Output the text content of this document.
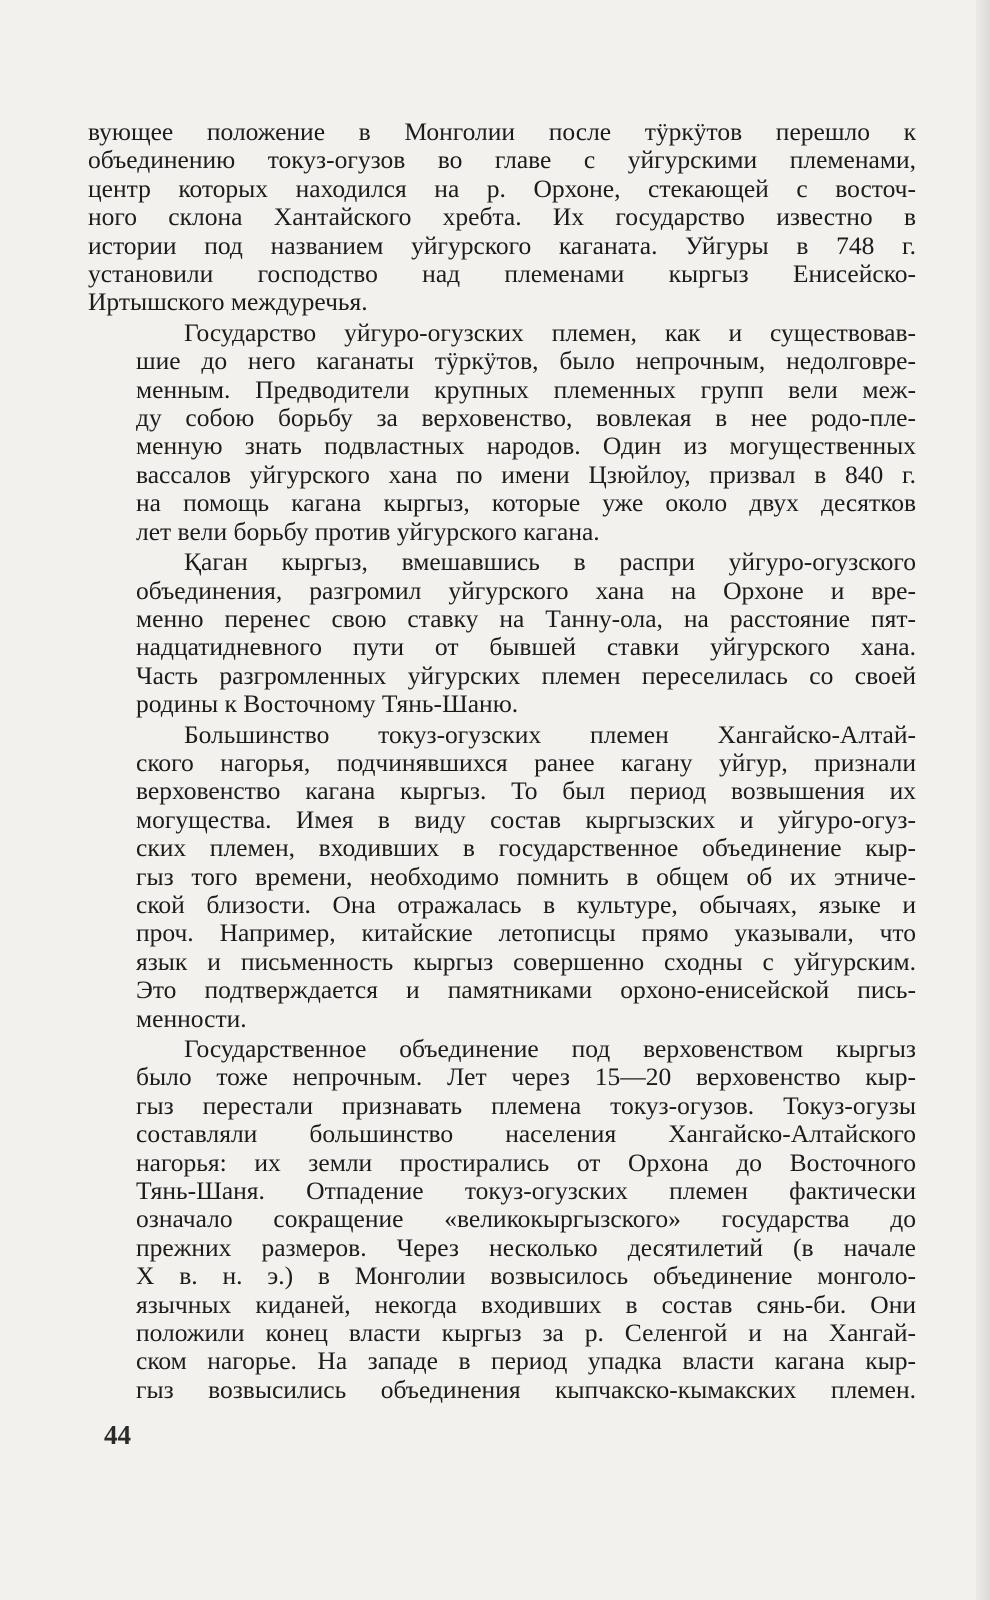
вующее положение в Монголии после тӱркӱтов перешло к
объединению токуз-огузов во главе с уйгурскими племенами,
центр которых находился на р. Орхоне, стекающей с восточ-
ного склона Хантайского хребта. Их государство известно в
истории под названием уйгурского каганата. Уйгуры в 748 г.
установили господство над племенами кыргыз Енисейско-
Иртышского междуречья.

Государство уйгуро-огузских племен, как и существовав-
шие до него каганаты тӱркӱтов, было непрочным, недолговре-
менным. Предводители крупных племенных групп вели меж-
ду собою борьбу за верховенство, вовлекая в нее родо-пле-
менную знать подвластных народов. Один из могущественных
вассалов уйгурского хана по имени Цзюйлоу, призвал в 840 г.
на помощь кагана кыргыз, которые уже около двух десятков
лет вели борьбу против уйгурского кагана.

Қаган кыргыз, вмешавшись в распри уйгуро-огузского
объединения, разгромил уйгурского хана на Орхоне и вре-
менно перенес свою ставку на Танну-ола, на расстояние пят-
надцатидневного пути от бывшей ставки уйгурского хана.
Часть разгромленных уйгурских племен переселилась со своей
родины к Восточному Тянь-Шаню.

Большинство токуз-огузских племен Хангайско-Алтай-
ского нагорья, подчинявшихся ранее кагану уйгур, признали
верховенство кагана кыргыз. То был период возвышения их
могущества. Имея в виду состав кыргызских и уйгуро-огуз-
ских племен, входивших в государственное объединение кыр-
гыз того времени, необходимо помнить в общем об их этниче-
ской близости. Она отражалась в культуре, обычаях, языке и
проч. Например, китайские летописцы прямо указывали, что
язык и письменность кыргыз совершенно сходны с уйгурским.
Это подтверждается и памятниками орхоно-енисейской пись-
менности.

Государственное объединение под верховенством кыргыз
было тоже непрочным. Лет через 15—20 верховенство кыр-
гыз перестали признавать племена токуз-огузов. Токуз-огузы
составляли большинство населения Хангайско-Алтайского
нагорья: их земли простирались от Орхона до Восточного
Тянь-Шаня. Отпадение токуз-огузских племен фактически
означало сокращение «великокыргызского» государства до
прежних размеров. Через несколько десятилетий (в начале
X в. н. э.) в Монголии возвысилось объединение монголо-
язычных киданей, некогда входивших в состав сянь-би. Они
положили конец власти кыргыз за р. Селенгой и на Хангай-
ском нагорье. На западе в период упадка власти кагана кыр-
гыз возвысились объединения кыпчакско-кымакских племен.

44
